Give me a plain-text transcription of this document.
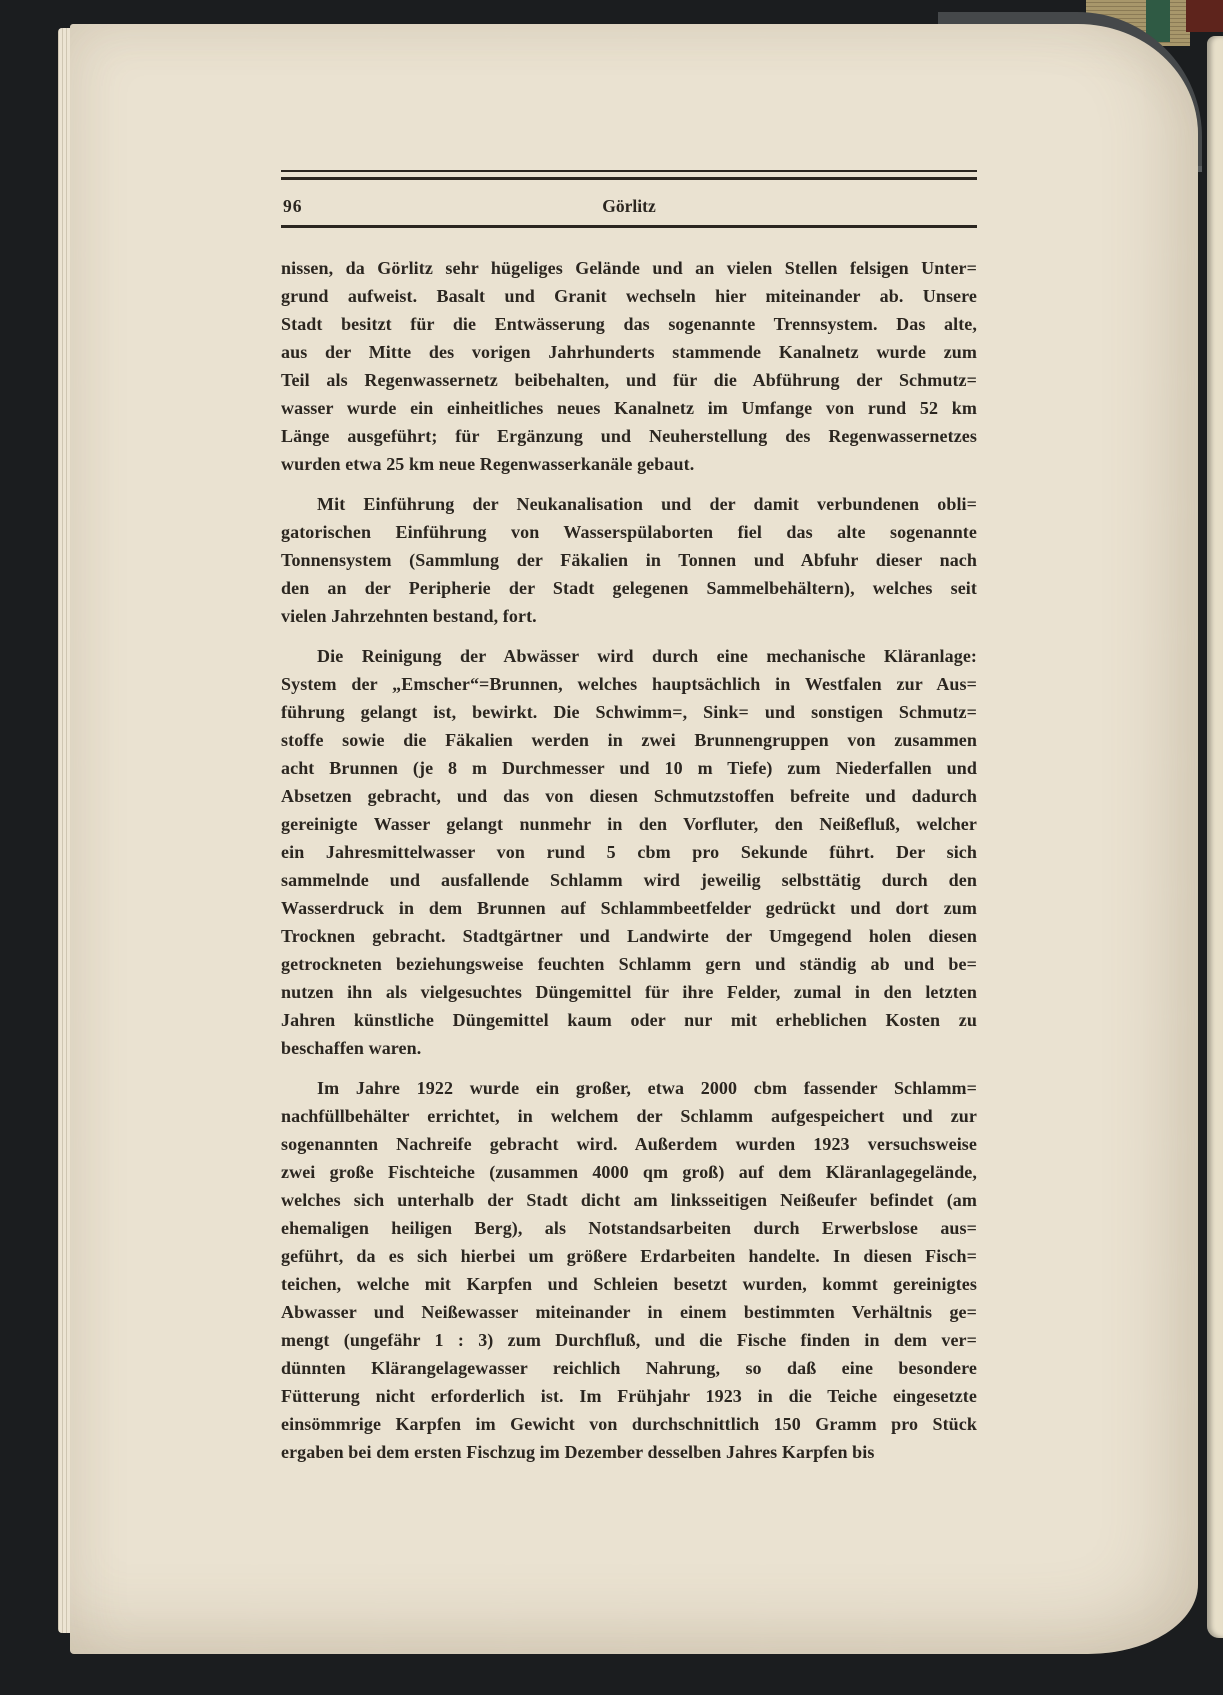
96	Görlitz
nissen, da Görlitz sehr hügeliges Gelände und an vielen Stellen felsigen Unter=
grund aufweist. Basalt und Granit wechseln hier miteinander ab. Unsere
Stadt besitzt für die Entwässerung das sogenannte Trennsystem. Das alte,
aus der Mitte des vorigen Jahrhunderts stammende Kanalnetz wurde zum
Teil als Regenwassernetz beibehalten, und für die Abführung der Schmutz=
wasser wurde ein einheitliches neues Kanalnetz im Umfange von rund 52 km
Länge ausgeführt; für Ergänzung und Neuherstellung des Regenwassernetzes
wurden etwa 25 km neue Regenwasserkanäle gebaut.
Mit Einführung der Neukanalisation und der damit verbundenen obli=
gatorischen Einführung von Wasserspülaborten fiel das alte sogenannte
Tonnensystem (Sammlung der Fäkalien in Tonnen und Abfuhr dieser nach
den an der Peripherie der Stadt gelegenen Sammelbehältern), welches seit
vielen Jahrzehnten bestand, fort.
Die Reinigung der Abwässer wird durch eine mechanische Kläranlage:
System der „Emscher“=Brunnen, welches hauptsächlich in Westfalen zur Aus=
führung gelangt ist, bewirkt. Die Schwimm=, Sink= und sonstigen Schmutz=
stoffe sowie die Fäkalien werden in zwei Brunnengruppen von zusammen
acht Brunnen (je 8 m Durchmesser und 10 m Tiefe) zum Niederfallen und
Absetzen gebracht, und das von diesen Schmutzstoffen befreite und dadurch
gereinigte Wasser gelangt nunmehr in den Vorfluter, den Neißefluß, welcher
ein Jahresmittelwasser von rund 5 cbm pro Sekunde führt. Der sich
sammelnde und ausfallende Schlamm wird jeweilig selbsttätig durch den
Wasserdruck in dem Brunnen auf Schlammbeetfelder gedrückt und dort zum
Trocknen gebracht. Stadtgärtner und Landwirte der Umgegend holen diesen
getrockneten beziehungsweise feuchten Schlamm gern und ständig ab und be=
nutzen ihn als vielgesuchtes Düngemittel für ihre Felder, zumal in den letzten
Jahren künstliche Düngemittel kaum oder nur mit erheblichen Kosten zu
beschaffen waren.
Im Jahre 1922 wurde ein großer, etwa 2000 cbm fassender Schlamm=
nachfüllbehälter errichtet, in welchem der Schlamm aufgespeichert und zur
sogenannten Nachreife gebracht wird. Außerdem wurden 1923 versuchsweise
zwei große Fischteiche (zusammen 4000 qm groß) auf dem Kläranlagegelände,
welches sich unterhalb der Stadt dicht am linksseitigen Neißeufer befindet (am
ehemaligen heiligen Berg), als Notstandsarbeiten durch Erwerbslose aus=
geführt, da es sich hierbei um größere Erdarbeiten handelte. In diesen Fisch=
teichen, welche mit Karpfen und Schleien besetzt wurden, kommt gereinigtes
Abwasser und Neißewasser miteinander in einem bestimmten Verhältnis ge=
mengt (ungefähr 1 : 3) zum Durchfluß, und die Fische finden in dem ver=
dünnten Klärangelagewasser reichlich Nahrung, so daß eine besondere
Fütterung nicht erforderlich ist. Im Frühjahr 1923 in die Teiche eingesetzte
einsömmrige Karpfen im Gewicht von durchschnittlich 150 Gramm pro Stück
ergaben bei dem ersten Fischzug im Dezember desselben Jahres Karpfen bis
